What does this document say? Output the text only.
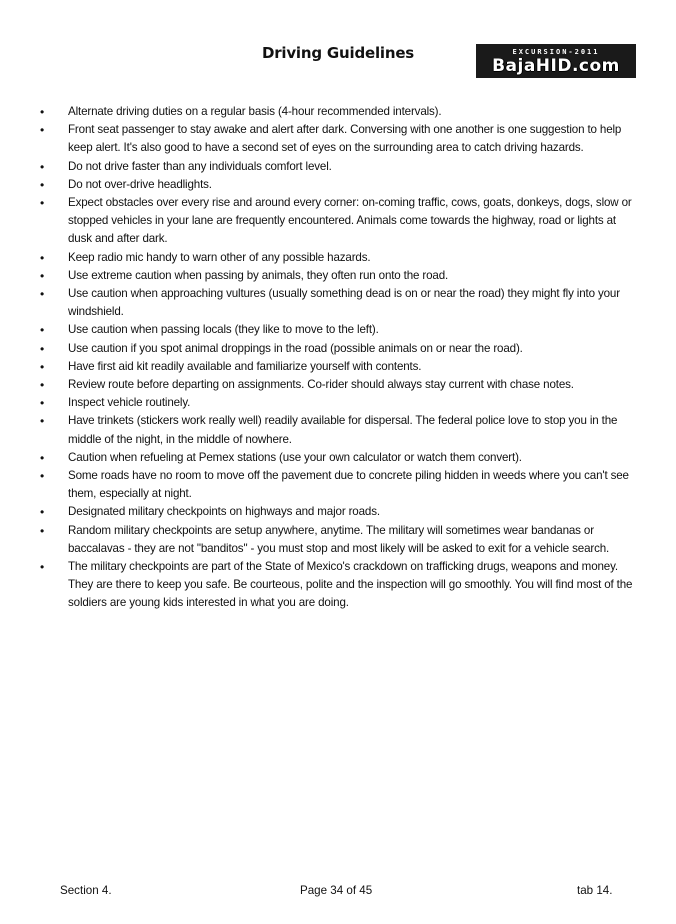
Driving Guidelines	EXCURSION-2011
BajaHID.com
•	Alternate driving duties on a regular basis (4-hour recommended intervals).
•	Front seat passenger to stay awake and alert after dark. Conversing with one another is one suggestion to help keep alert. It's also good to have a second set of eyes on the surrounding area to catch driving hazards.
•	Do not drive faster than any individuals comfort level.
•	Do not over-drive headlights.
•	Expect obstacles over every rise and around every corner: on-coming traffic, cows, goats, donkeys, dogs, slow or stopped vehicles in your lane are frequently encountered. Animals come towards the highway, road or lights at dusk and after dark.
•	Keep radio mic handy to warn other of any possible hazards.
•	Use extreme caution when passing by animals, they often run onto the road.
•	Use caution when approaching vultures (usually something dead is on or near the road) they might fly into your windshield.
•	Use caution when passing locals (they like to move to the left).
•	Use caution if you spot animal droppings in the road (possible animals on or near the road).
•	Have first aid kit readily available and familiarize yourself with contents.
•	Review route before departing on assignments. Co-rider should always stay current with chase notes.
•	Inspect vehicle routinely.
•	Have trinkets (stickers work really well) readily available for dispersal. The federal police love to stop you in the middle of the night, in the middle of nowhere.
•	Caution when refueling at Pemex stations (use your own calculator or watch them convert).
•	Some roads have no room to move off the pavement due to concrete piling hidden in weeds where you can't see them, especially at night.
•	Designated military checkpoints on highways and major roads.
•	Random military checkpoints are setup anywhere, anytime. The military will sometimes wear bandanas or baccalavas - they are not "banditos" - you must stop and most likely will be asked to exit for a vehicle search.
•	The military checkpoints are part of the State of Mexico's crackdown on trafficking drugs, weapons and money. They are there to keep you safe. Be courteous, polite and the inspection will go smoothly. You will find most of the soldiers are young kids interested in what you are doing.
Section 4.	Page 34 of 45	tab 14.
